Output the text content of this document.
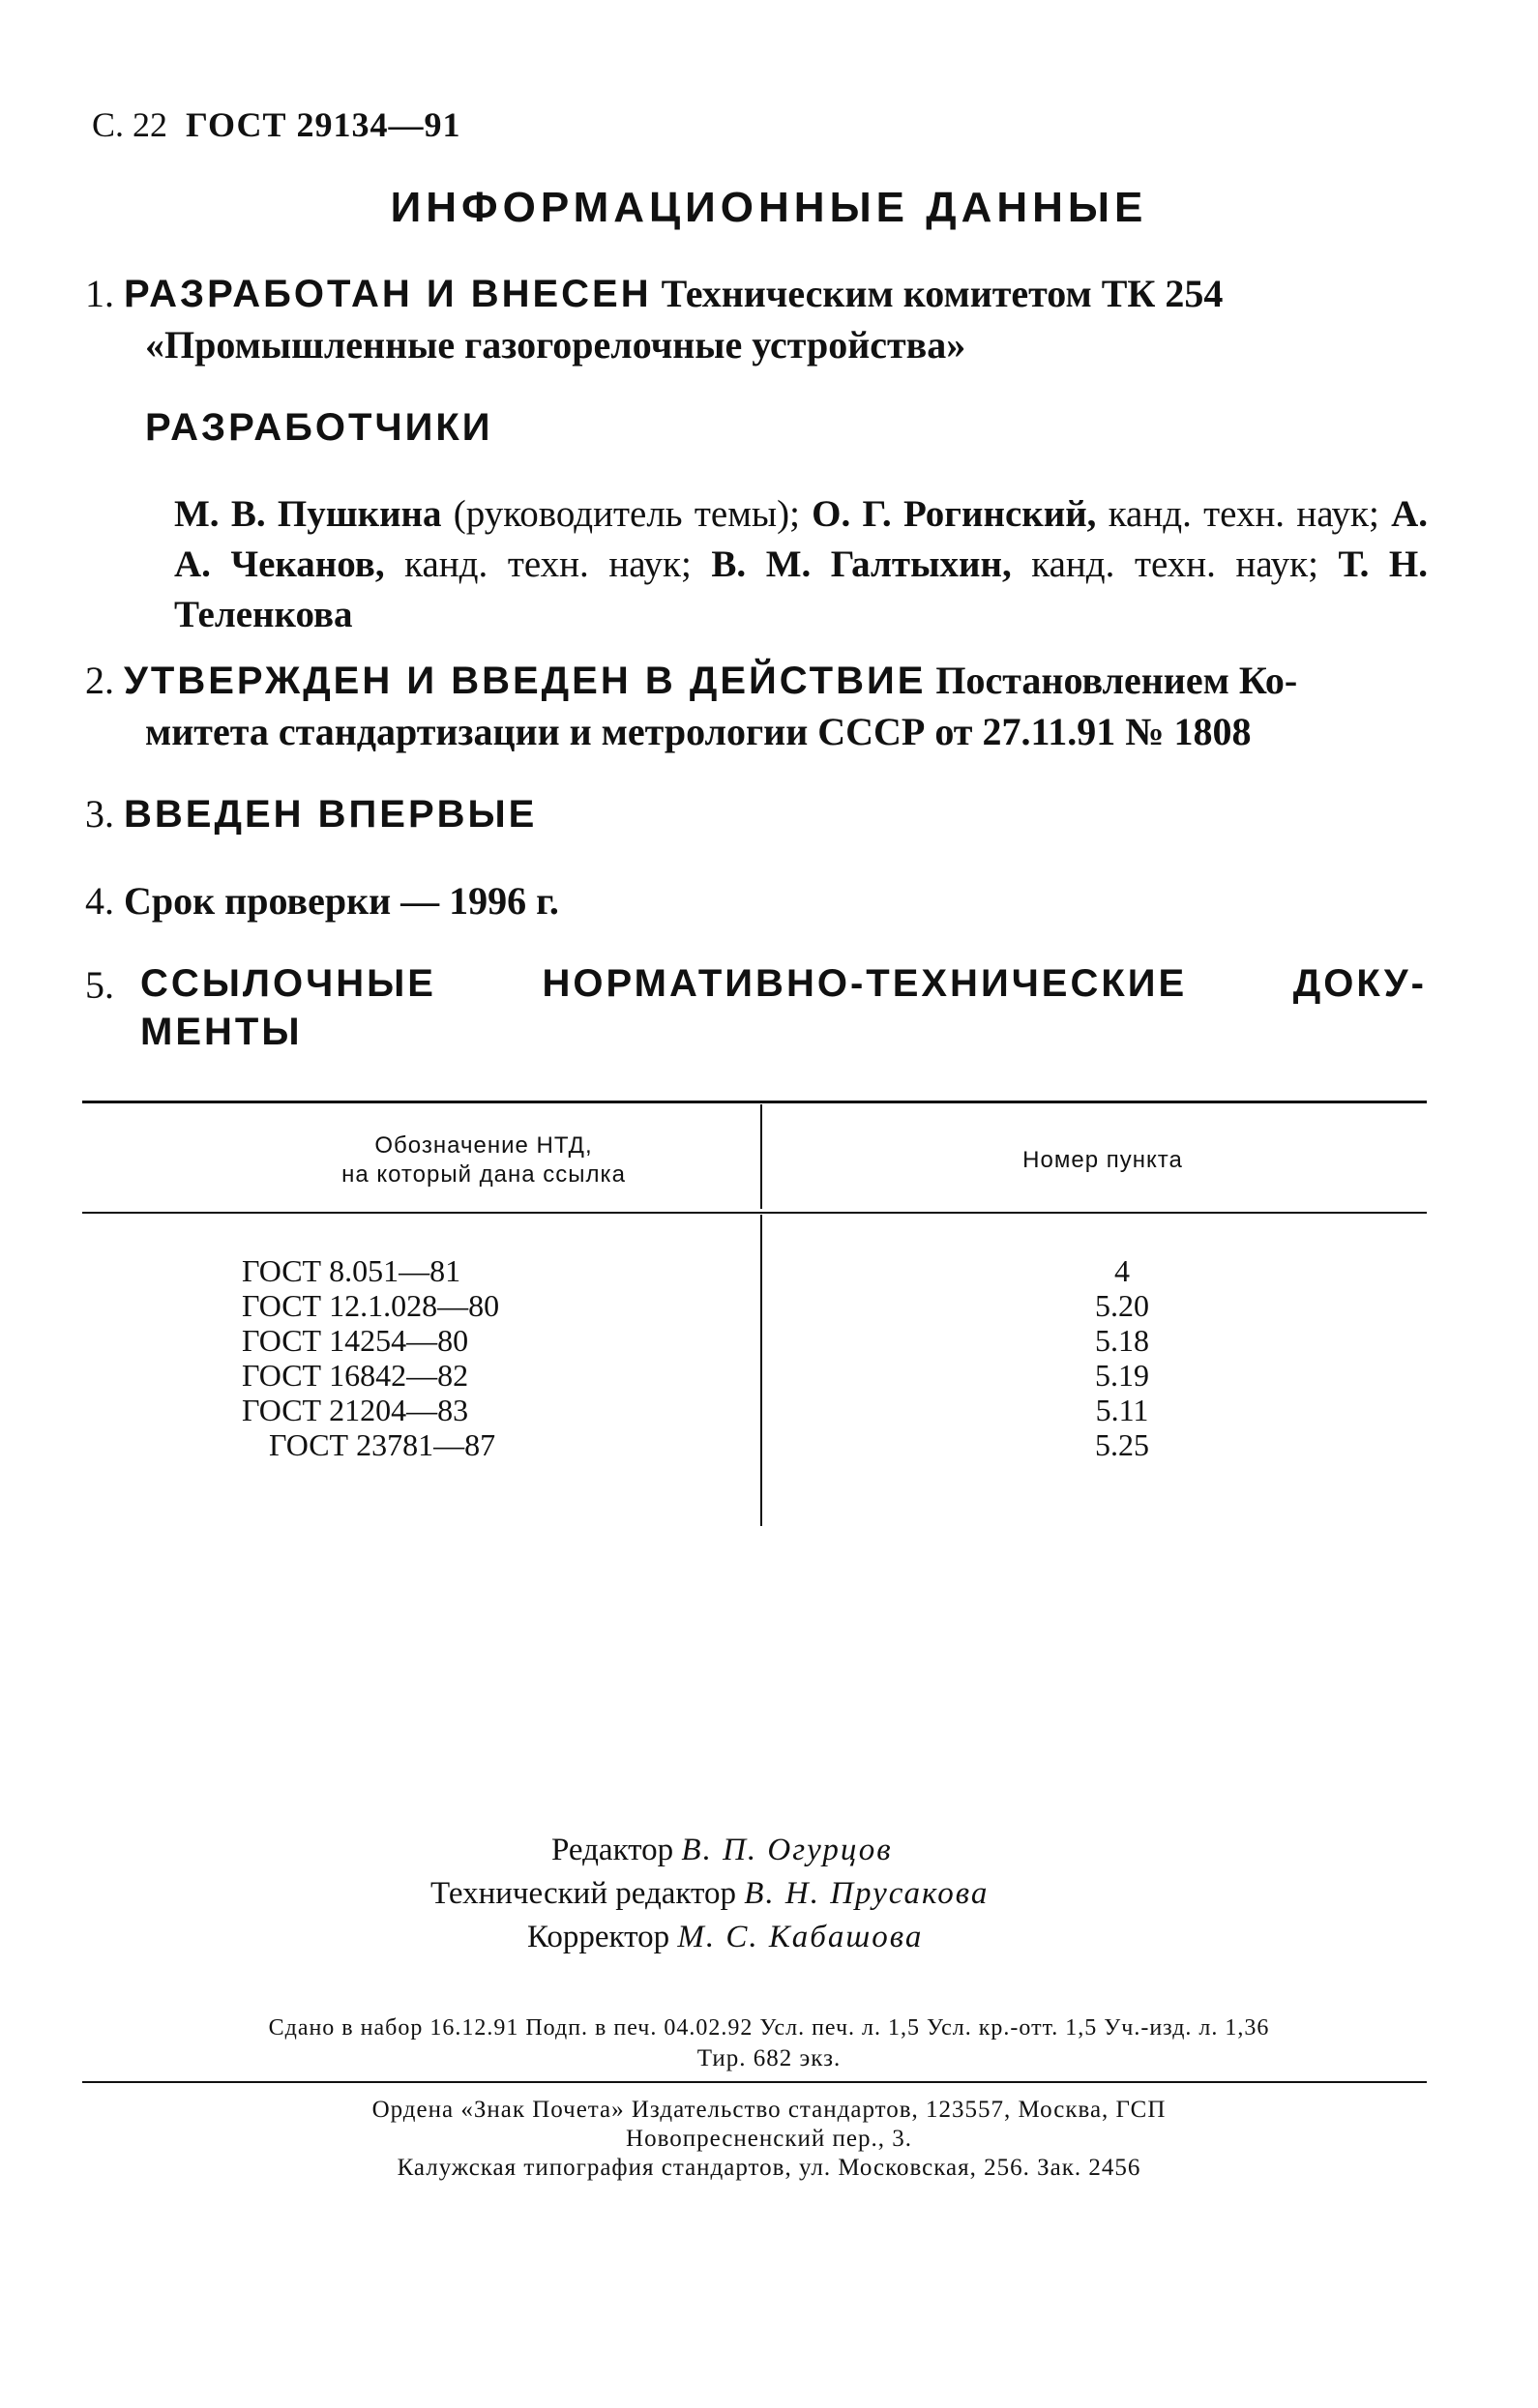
С. 22 ГОСТ 29134—91
ИНФОРМАЦИОННЫЕ ДАННЫЕ
1. РАЗРАБОТАН И ВНЕСЕН Техническим комитетом ТК 254
«Промышленные газогорелочные устройства»
РАЗРАБОТЧИКИ
М. В. Пушкина (руководитель темы); О. Г. Рогинский, канд. техн. наук; А. А. Чеканов, канд. техн. наук; В. М. Галтыхин, канд. техн. наук; Т. Н. Теленкова
2. УТВЕРЖДЕН И ВВЕДЕН В ДЕЙСТВИЕ Постановлением Ко-
митета стандартизации и метрологии СССР от 27.11.91 № 1808
3. ВВЕДЕН ВПЕРВЫЕ
4. Срок проверки — 1996 г.
5. ССЫЛОЧНЫЕ НОРМАТИВНО-ТЕХНИЧЕСКИЕ ДОКУ-
МЕНТЫ
Обозначение НТД,
на который дана ссылка
Номер пункта
ГОСТ 8.051—81
ГОСТ 12.1.028—80
ГОСТ 14254—80
ГОСТ 16842—82
ГОСТ 21204—83
ГОСТ 23781—87
4
5.20
5.18
5.19
5.11
5.25
Редактор В. П. Огурцов
Технический редактор В. Н. Прусакова
Корректор М. С. Кабашова
Сдано в набор 16.12.91 Подп. в печ. 04.02.92 Усл. печ. л. 1,5 Усл. кр.-отт. 1,5 Уч.-изд. л. 1,36
Тир. 682 экз.
Ордена «Знак Почета» Издательство стандартов, 123557, Москва, ГСП
Новопресненский пер., 3.
Калужская типография стандартов, ул. Московская, 256. Зак. 2456
